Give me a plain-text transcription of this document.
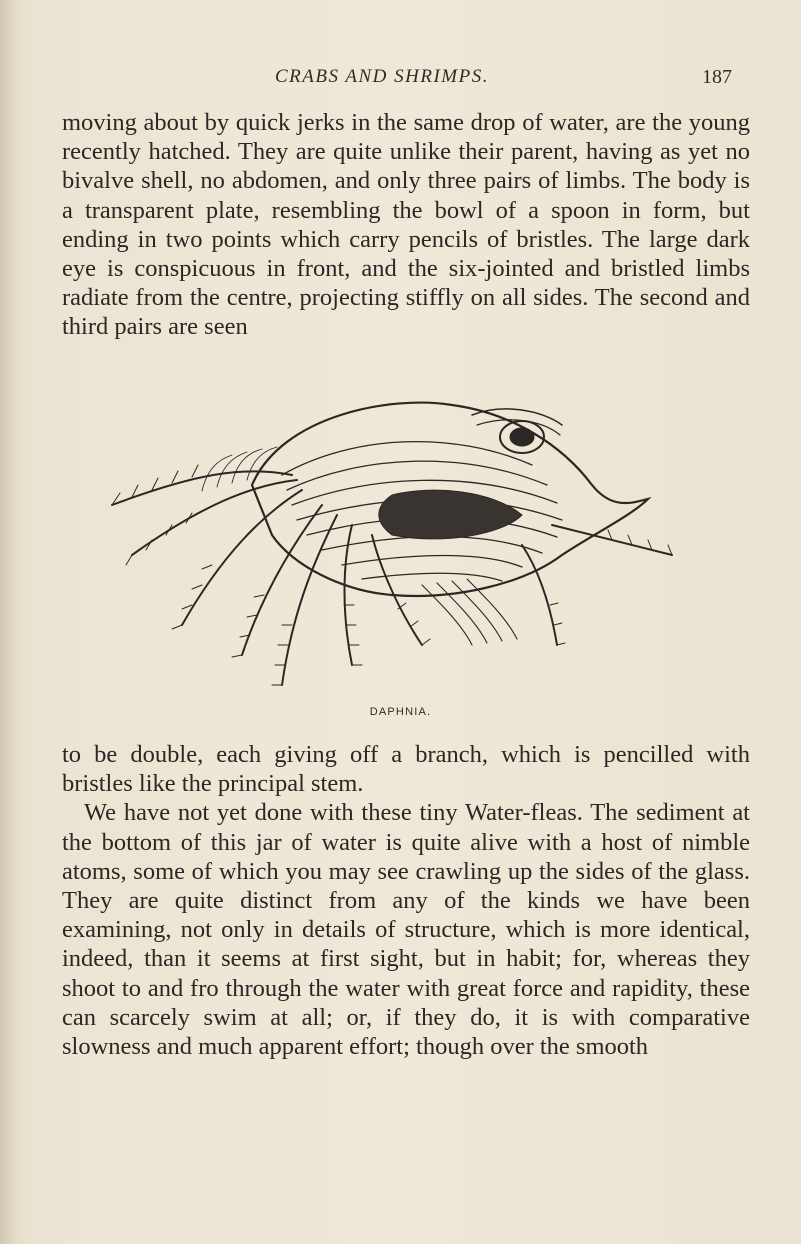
CRABS AND SHRIMPS.	187

moving about by quick jerks in the same drop of water, are the young recently hatched. They are quite unlike their parent, having as yet no bivalve shell, no abdomen, and only three pairs of limbs. The body is a transparent plate, resembling the bowl of a spoon in form, but ending in two points which carry pencils of bristles. The large dark eye is conspicuous in front, and the six-jointed and bristled limbs radiate from the centre, projecting stiffly on all sides. The second and third pairs are seen

DAPHNIA.

to be double, each giving off a branch, which is pencilled with bristles like the principal stem.

We have not yet done with these tiny Water-fleas. The sediment at the bottom of this jar of water is quite alive with a host of nimble atoms, some of which you may see crawling up the sides of the glass. They are quite distinct from any of the kinds we have been examining, not only in details of structure, which is more identical, indeed, than it seems at first sight, but in habit; for, whereas they shoot to and fro through the water with great force and rapidity, these can scarcely swim at all; or, if they do, it is with comparative slowness and much apparent effort; though over the smooth
